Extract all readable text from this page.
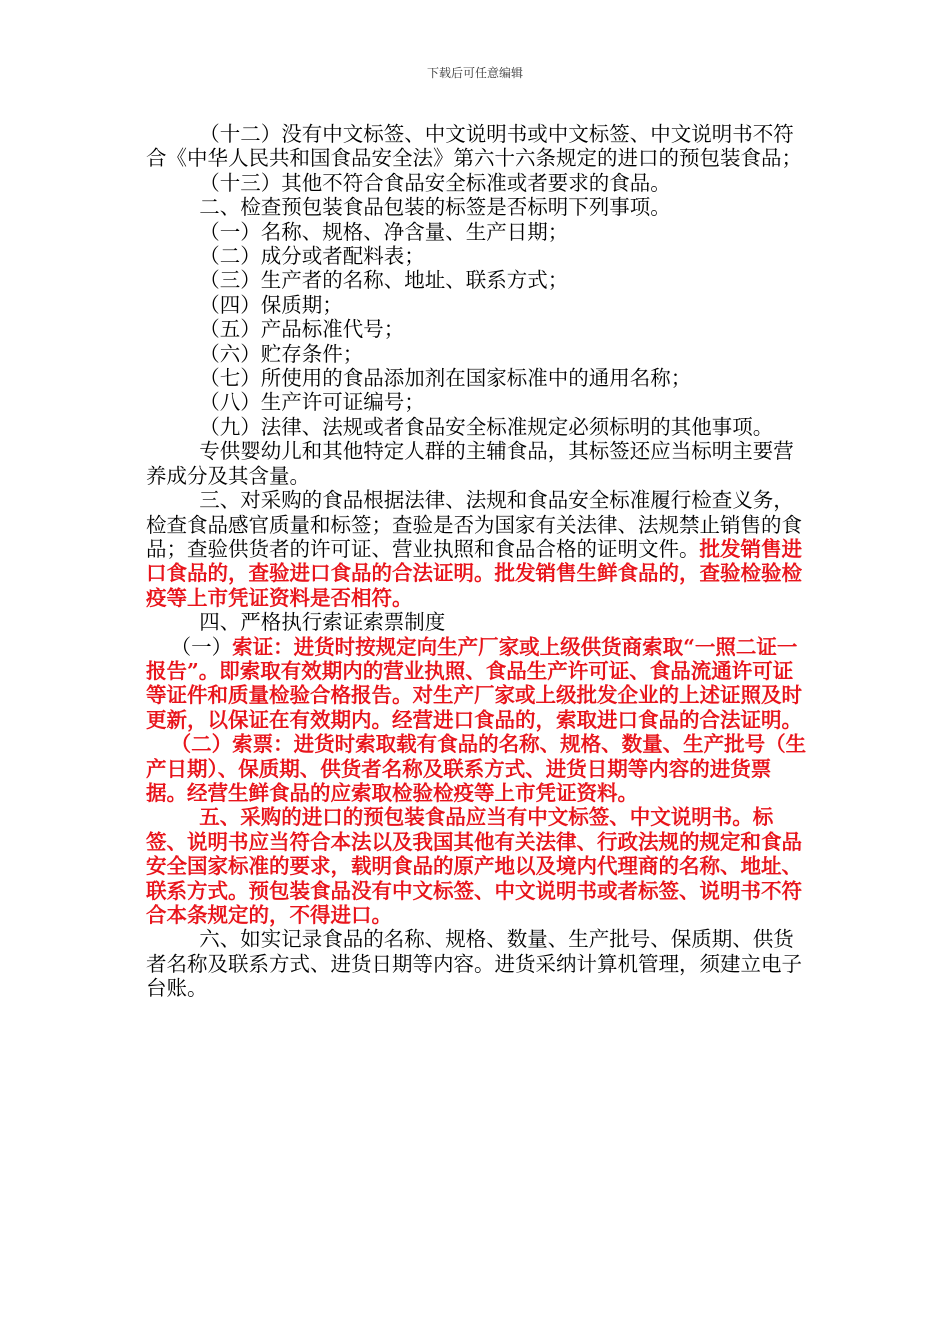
下载后可任意编辑

（十二）没有中文标签、中文说明书或中文标签、中文说明书不符合《中华人民共和国食品安全法》第六十六条规定的进口的预包装食品；

（十三）其他不符合食品安全标准或者要求的食品。

二、检查预包装食品包装的标签是否标明下列事项。

（一）名称、规格、净含量、生产日期；

（二）成分或者配料表；

（三）生产者的名称、地址、联系方式；

（四）保质期；

（五）产品标准代号；

（六）贮存条件；

（七）所使用的食品添加剂在国家标准中的通用名称；

（八）生产许可证编号；

（九）法律、法规或者食品安全标准规定必须标明的其他事项。

专供婴幼儿和其他特定人群的主辅食品，其标签还应当标明主要营养成分及其含量。

三、对采购的食品根据法律、法规和食品安全标准履行检查义务，检查食品感官质量和标签；查验是否为国家有关法律、法规禁止销售的食品；查验供货者的许可证、营业执照和食品合格的证明文件。批发销售进口食品的，查验进口食品的合法证明。批发销售生鲜食品的，查验检验检疫等上市凭证资料是否相符。

四、严格执行索证索票制度

（一）索证：进货时按规定向生产厂家或上级供货商索取“一照二证一报告”。即索取有效期内的营业执照、食品生产许可证、食品流通许可证等证件和质量检验合格报告。对生产厂家或上级批发企业的上述证照及时更新，以保证在有效期内。经营进口食品的，索取进口食品的合法证明。

（二）索票：进货时索取载有食品的名称、规格、数量、生产批号（生产日期）、保质期、供货者名称及联系方式、进货日期等内容的进货票据。经营生鲜食品的应索取检验检疫等上市凭证资料。

五、采购的进口的预包装食品应当有中文标签、中文说明书。标签、说明书应当符合本法以及我国其他有关法律、行政法规的规定和食品安全国家标准的要求，载明食品的原产地以及境内代理商的名称、地址、联系方式。预包装食品没有中文标签、中文说明书或者标签、说明书不符合本条规定的，不得进口。

六、如实记录食品的名称、规格、数量、生产批号、保质期、供货者名称及联系方式、进货日期等内容。进货采纳计算机管理，须建立电子台账。
